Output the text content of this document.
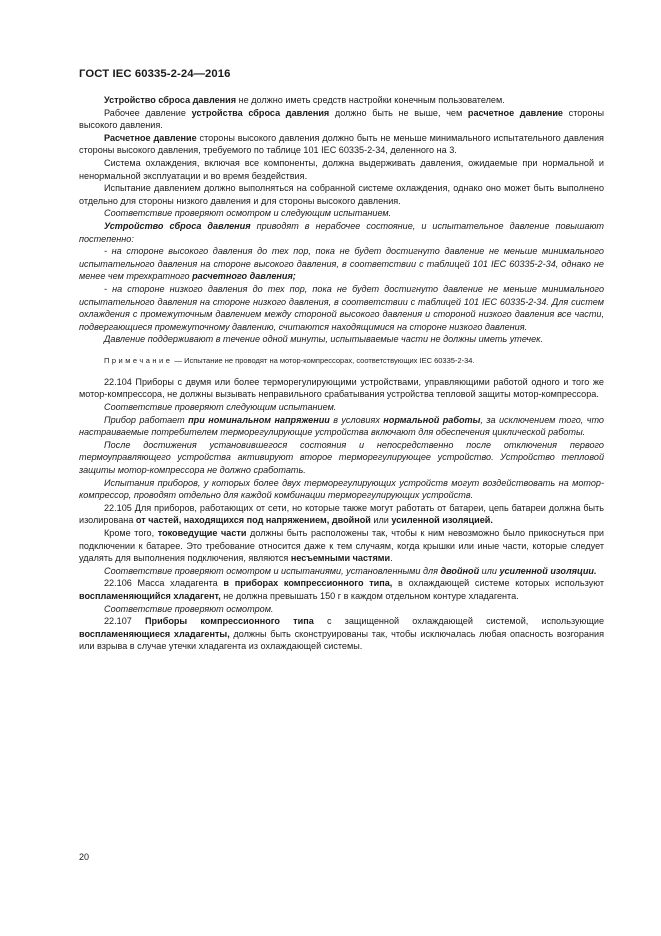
ГОСТ IEC 60335-2-24—2016

Устройство сброса давления не должно иметь средств настройки конечным пользователем.

Рабочее давление устройства сброса давления должно быть не выше, чем расчетное давление стороны высокого давления.

Расчетное давление стороны высокого давления должно быть не меньше минимального испытательного давления стороны высокого давления, требуемого по таблице 101 IEC 60335-2-34, деленного на 3.

Система охлаждения, включая все компоненты, должна выдерживать давления, ожидаемые при нормальной и ненормальной эксплуатации и во время бездействия.

Испытание давлением должно выполняться на собранной системе охлаждения, однако оно может быть выполнено отдельно для стороны низкого давления и для стороны высокого давления.

Соответствие проверяют осмотром и следующим испытанием.

Устройство сброса давления приводят в нерабочее состояние, и испытательное давление повышают постепенно:

- на стороне высокого давления до тех пор, пока не будет достигнуто давление не меньше минимального испытательного давления на стороне высокого давления, в соответствии с таблицей 101 IEC 60335-2-34, однако не менее чем трехкратного расчетного давления;

- на стороне низкого давления до тех пор, пока не будет достигнуто давление не меньше минимального испытательного давления на стороне низкого давления, в соответствии с таблицей 101 IEC 60335-2-34. Для систем охлаждения с промежуточным давлением между стороной высокого давления и стороной низкого давления все части, подвергающиеся промежуточному давлению, считаются находящимися на стороне низкого давления.

Давление поддерживают в течение одной минуты, испытываемые части не должны иметь утечек.

Примечание — Испытание не проводят на мотор-компрессорах, соответствующих IEC 60335-2-34.

22.104 Приборы с двумя или более терморегулирующими устройствами, управляющими работой одного и того же мотор-компрессора, не должны вызывать неправильного срабатывания устройства тепловой защиты мотор-компрессора.

Соответствие проверяют следующим испытанием.

Прибор работает при номинальном напряжении в условиях нормальной работы, за исключением того, что настраиваемые потребителем терморегулирующие устройства включают для обеспечения циклической работы.

После достижения установившегося состояния и непосредственно после отключения первого термоуправляющего устройства активируют второе терморегулирующее устройство. Устройство тепловой защиты мотор-компрессора не должно сработать.

Испытания приборов, у которых более двух терморегулирующих устройств могут воздействовать на мотор-компрессор, проводят отдельно для каждой комбинации терморегулирующих устройств.

22.105 Для приборов, работающих от сети, но которые также могут работать от батареи, цепь батареи должна быть изолирована от частей, находящихся под напряжением, двойной или усиленной изоляцией.

Кроме того, токоведущие части должны быть расположены так, чтобы к ним невозможно было прикоснуться при подключении к батарее. Это требование относится даже к тем случаям, когда крышки или иные части, которые следует удалять для выполнения подключения, являются несъемными частями.

Соответствие проверяют осмотром и испытаниями, установленными для двойной или усиленной изоляции.

22.106 Масса хладагента в приборах компрессионного типа, в охлаждающей системе которых используют воспламеняющийся хладагент, не должна превышать 150 г в каждом отдельном контуре хладагента.

Соответствие проверяют осмотром.

22.107 Приборы компрессионного типа с защищенной охлаждающей системой, использующие воспламеняющиеся хладагенты, должны быть сконструированы так, чтобы исключалась любая опасность возгорания или взрыва в случае утечки хладагента из охлаждающей системы.

20
